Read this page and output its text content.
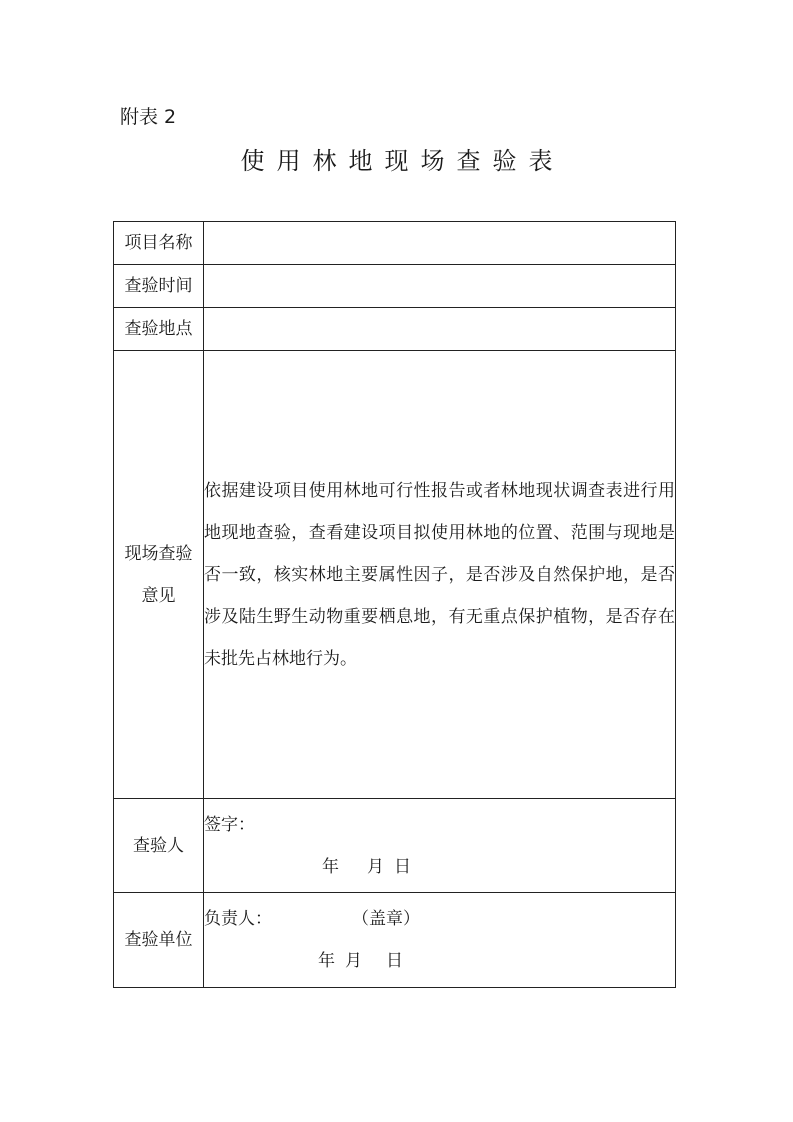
附表 2
使用林地现场查验表
项目名称	
查验时间	
查验地点	

现场查验
意见	依据建设项目使用林地可行性报告或者林地现状调查表进行用地现地查验，查看建设项目拟使用林地的位置、范围与现地是否一致，核实林地主要属性因子，是否涉及自然保护地，是否涉及陆生野生动物重要栖息地，有无重点保护植物，是否存在未批先占林地行为。

查验人	签字：
年 月 日

查验单位	负责人： （盖章）
年 月 日
